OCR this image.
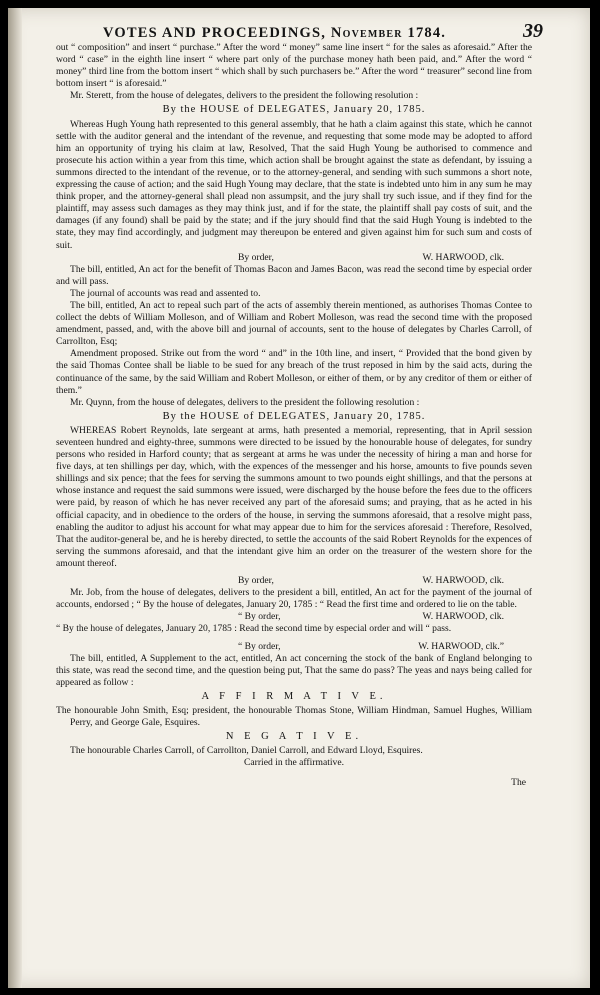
VOTES AND PROCEEDINGS, November 1784.	39

out “ composition” and insert “ purchase.” After the word “ money” same line insert “ for the sales as aforesaid.” After the word “ case” in the eighth line insert “ where part only of the purchase money hath been paid, and.” After the word “ money” third line from the bottom insert “ which shall by such purchasers be.” After the word “ treasurer” second line from bottom insert “ is aforesaid.”

Mr. Sterett, from the house of delegates, delivers to the president the following resolution :

By the HOUSE of DELEGATES, January 20, 1785.

Whereas Hugh Young hath represented to this general assembly, that he hath a claim against this state, which he cannot settle with the auditor general and the intendant of the revenue, and requesting that some mode may be adopted to afford him an opportunity of trying his claim at law, Resolved, That the said Hugh Young be authorised to commence and prosecute his action within a year from this time, which action shall be brought against the state as defendant, by issuing a summons directed to the intendant of the revenue, or to the attorney-general, and sending with such summons a short note, expressing the cause of action; and the said Hugh Young may declare, that the state is indebted unto him in any sum he may think proper, and the attorney-general shall plead non assumpsit, and the jury shall try such issue, and if they find for the plaintiff, may assess such damages as they may think just, and if for the state, the plaintiff shall pay costs of suit, and the damages (if any found) shall be paid by the state; and if the jury should find that the said Hugh Young is indebted to the state, they may find accordingly, and judgment may thereupon be entered and given against him for such sum and costs of suit.

By order,	W. HARWOOD, clk.

The bill, entitled, An act for the benefit of Thomas Bacon and James Bacon, was read the second time by especial order and will pass.

The journal of accounts was read and assented to.

The bill, entitled, An act to repeal such part of the acts of assembly therein mentioned, as authorises Thomas Contee to collect the debts of William Molleson, and of William and Robert Molleson, was read the second time with the proposed amendment, passed, and, with the above bill and journal of accounts, sent to the house of delegates by Charles Carroll, of Carrollton, Esq;

Amendment proposed. Strike out from the word “ and” in the 10th line, and insert, “ Provided that the bond given by the said Thomas Contee shall be liable to be sued for any breach of the trust reposed in him by the said acts, during the continuance of the same, by the said William and Robert Molleson, or either of them, or by any creditor of them or either of them.”

Mr. Quynn, from the house of delegates, delivers to the president the following resolution :

By the HOUSE of DELEGATES, January 20, 1785.

WHEREAS Robert Reynolds, late sergeant at arms, hath presented a memorial, representing, that in April session seventeen hundred and eighty-three, summons were directed to be issued by the honourable house of delegates, for sundry persons who resided in Harford county; that as sergeant at arms he was under the necessity of hiring a man and horse for five days, at ten shillings per day, which, with the expences of the messenger and his horse, amounts to five pounds seven shillings and six pence; that the fees for serving the summons amount to two pounds eight shillings, and that the persons at whose instance and request the said summons were issued, were discharged by the house before the fees due to the officers were paid, by reason of which he has never received any part of the aforesaid sums; and praying, that as he acted in his official capacity, and in obedience to the orders of the house, in serving the summons aforesaid, that a resolve might pass, enabling the auditor to adjust his account for what may appear due to him for the services aforesaid : Therefore, Resolved, That the auditor-general be, and he is hereby directed, to settle the accounts of the said Robert Reynolds for the expences of serving the summons aforesaid, and that the intendant give him an order on the treasurer of the western shore for the amount thereof.

By order,	W. HARWOOD, clk.

Mr. Job, from the house of delegates, delivers to the president a bill, entitled, An act for the payment of the journal of accounts, endorsed ; “ By the house of delegates, January 20, 1785 : “ Read the first time and ordered to lie on the table.

“ By order,	W. HARWOOD, clk.

“ By the house of delegates, January 20, 1785 : Read the second time by especial order and will “ pass.

“ By order,	W. HARWOOD, clk.”

The bill, entitled, A Supplement to the act, entitled, An act concerning the stock of the bank of England belonging to this state, was read the second time, and the question being put, That the same do pass? The yeas and nays being called for appeared as follow :

A F F I R M A T I V E.

The honourable John Smith, Esq; president, the honourable Thomas Stone, William Hindman, Samuel Hughes, William Perry, and George Gale, Esquires.

N E G A T I V E.

The honourable Charles Carroll, of Carrollton, Daniel Carroll, and Edward Lloyd, Esquires.

Carried in the affirmative.

The
